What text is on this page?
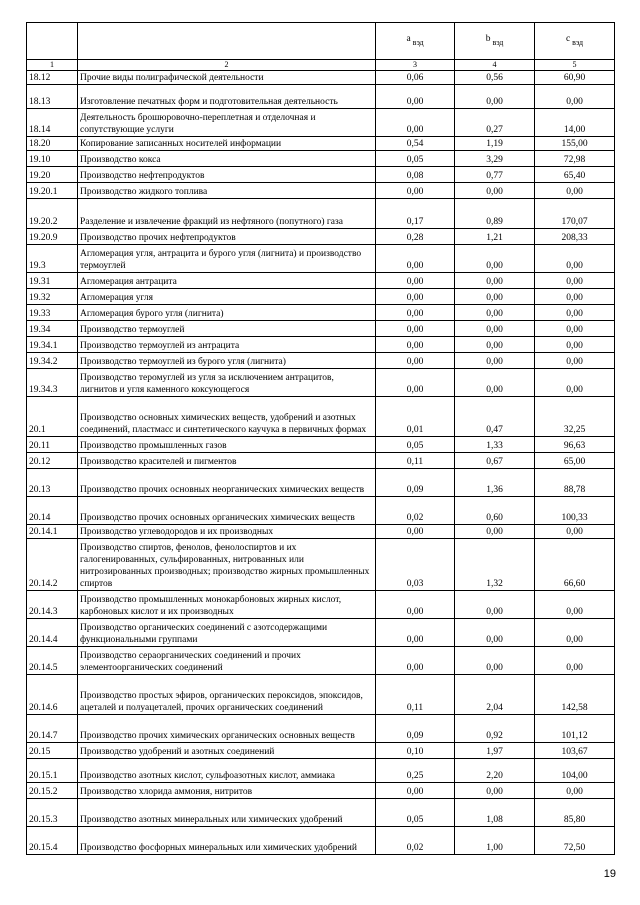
		a $_{вэд}$	b $_{вэд}$	c $_{вэд}$
1	2	3	4	5
18.12	Прочие виды полиграфической деятельности	0,06	0,56	60,90
18.13	Изготовление печатных форм и подготовительная деятельность	0,00	0,00	0,00
18.14	Деятельность брошюровочно-переплетная и отделочная и сопутствующие услуги	0,00	0,27	14,00
18.20	Копирование записанных носителей информации	0,54	1,19	155,00
19.10	Производство кокса	0,05	3,29	72,98
19.20	Производство нефтепродуктов	0,08	0,77	65,40
19.20.1	Производство жидкого топлива	0,00	0,00	0,00
19.20.2	Разделение и извлечение фракций из нефтяного (попутного) газа	0,17	0,89	170,07
19.20.9	Производство прочих нефтепродуктов	0,28	1,21	208,33
19.3	Агломерация угля, антрацита и бурого угля (лигнита) и производство термоуглей	0,00	0,00	0,00
19.31	Агломерация антрацита	0,00	0,00	0,00
19.32	Агломерация угля	0,00	0,00	0,00
19.33	Агломерация бурого угля (лигнита)	0,00	0,00	0,00
19.34	Производство термоуглей	0,00	0,00	0,00
19.34.1	Производство термоуглей из антрацита	0,00	0,00	0,00
19.34.2	Производство термоуглей из бурого угля (лигнита)	0,00	0,00	0,00
19.34.3	Производство теромуглей из угля за исключением антрацитов, лигнитов и угля каменного коксующегося	0,00	0,00	0,00
20.1	Производство основных химических веществ, удобрений и азотных соединений, пластмасс и синтетического каучука в первичных формах	0,01	0,47	32,25
20.11	Производство промышленных газов	0,05	1,33	96,63
20.12	Производство красителей и пигментов	0,11	0,67	65,00
20.13	Производство прочих основных неорганических химических веществ	0,09	1,36	88,78
20.14	Производство прочих основных органических химических веществ	0,02	0,60	100,33
20.14.1	Производство углеводородов и их производных	0,00	0,00	0,00
20.14.2	Производство спиртов, фенолов, фенолоспиртов и их галогенированных, сульфированных, нитрованных или нитрозированных производных; производство жирных промышленных спиртов	0,03	1,32	66,60
20.14.3	Производство промышленных монокарбоновых жирных кислот, карбоновых кислот и их производных	0,00	0,00	0,00
20.14.4	Производство органических соединений с азотсодержащими функциональными группами	0,00	0,00	0,00
20.14.5	Производство сераорганических соединений и прочих элементоорганических соединений	0,00	0,00	0,00
20.14.6	Производство простых эфиров, органических пероксидов, эпоксидов, ацеталей и полуацеталей, прочих органических соединений	0,11	2,04	142,58
20.14.7	Производство прочих химических органических основных веществ	0,09	0,92	101,12
20.15	Производство удобрений и азотных соединений	0,10	1,97	103,67
20.15.1	Производство азотных кислот, сульфоазотных кислот, аммиака	0,25	2,20	104,00
20.15.2	Производство хлорида аммония, нитритов	0,00	0,00	0,00
20.15.3	Производство азотных минеральных или химических удобрений	0,05	1,08	85,80
20.15.4	Производство фосфорных минеральных или химических удобрений	0,02	1,00	72,50
19
